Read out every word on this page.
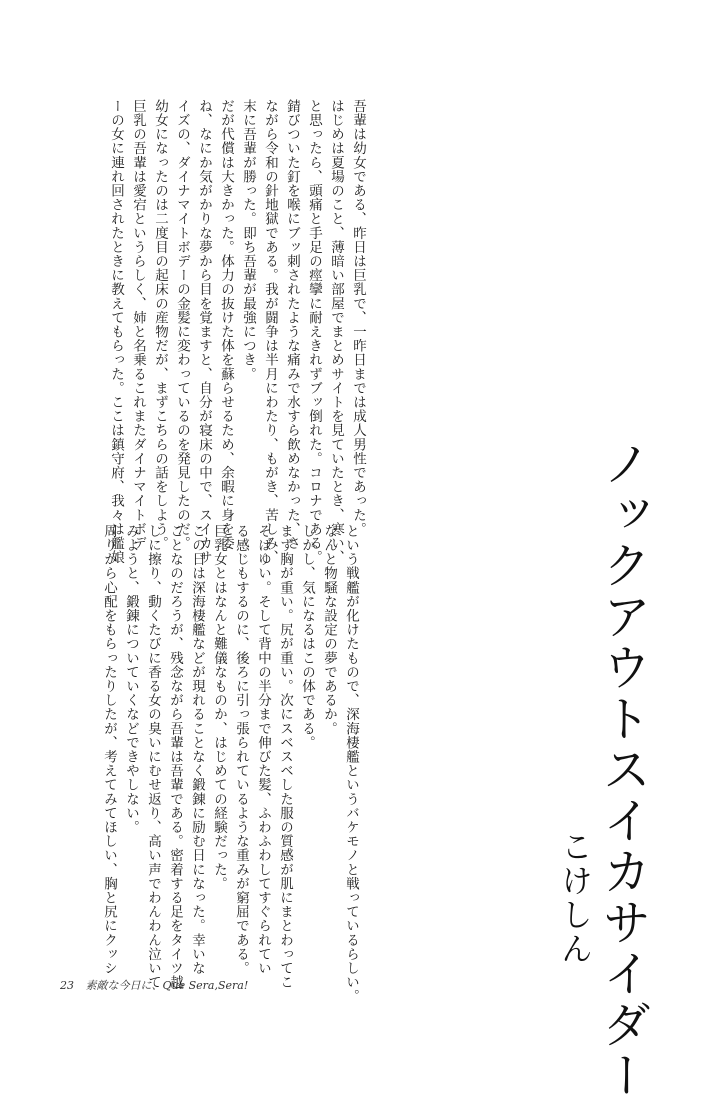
吾輩は幼女である、昨日は巨乳で、一昨日までは成人男性であった。

はじめは夏場のこと、薄暗い部屋でまとめサイトを見ていたとき、寒い、

と思ったら、頭痛と手足の痙攣に耐えきれずブッ倒れた。コロナである。

錆びついた釘を喉にブッ刺されたような痛みで水すら飲めなかった、さ

ながら令和の針地獄である。我が闘争は半月にわたり、もがき、苦しみ、

末に吾輩が勝った。即ち吾輩が最強につき。

だが代償は大きかった。体力の抜けた体を蘇らせるため、余暇に身を委

ね、なにか気がかりな夢から目を覚ますと、自分が寝床の中で、スイカサ

イズの、ダイナマイトボデーの金髪に変わっているのを発見したのだ。

幼女になったのは二度目の起床の産物だが、まずこちらの話をしよう。

巨乳の吾輩は愛宕というらしく、姉と名乗るこれまたダイナマイトボデ

ーの女に連れ回されたときに教えてもらった。ここは鎮守府、我々は艦娘

という戦艦が化けたもので、深海棲艦というバケモノと戦っているらしい。

なんと物騒な設定の夢であるか。

しかし、気になるはこの体である。

まず胸が重い。尻が重い。次にスベスベした服の質感が肌にまとわってこ

そばゆい。そして背中の半分まで伸びた髪、ふわふわしてすぐられてい

る感じもするのに、後ろに引っ張られているような重みが窮屈である。

巨乳女とはなんと難儀なものか、はじめての経験だった。

この日は深海棲艦などが現れることなく鍛錬に励む日になった。幸いな

ことなのだろうが、残念ながら吾輩は吾輩である。密着する足をタイツ越

しに擦り、動くたびに香る女の臭いにむせ返り、高い声でわんわん泣いて

みようと、鍛錬についていくなどできやしない。

周りから心配をもらったりしたが、考えてみてほしい、胸と尻にクッシ	ノックアウトスイカサイダー
こけしん
23 素敵な今日に、Que Sera,Sera!
